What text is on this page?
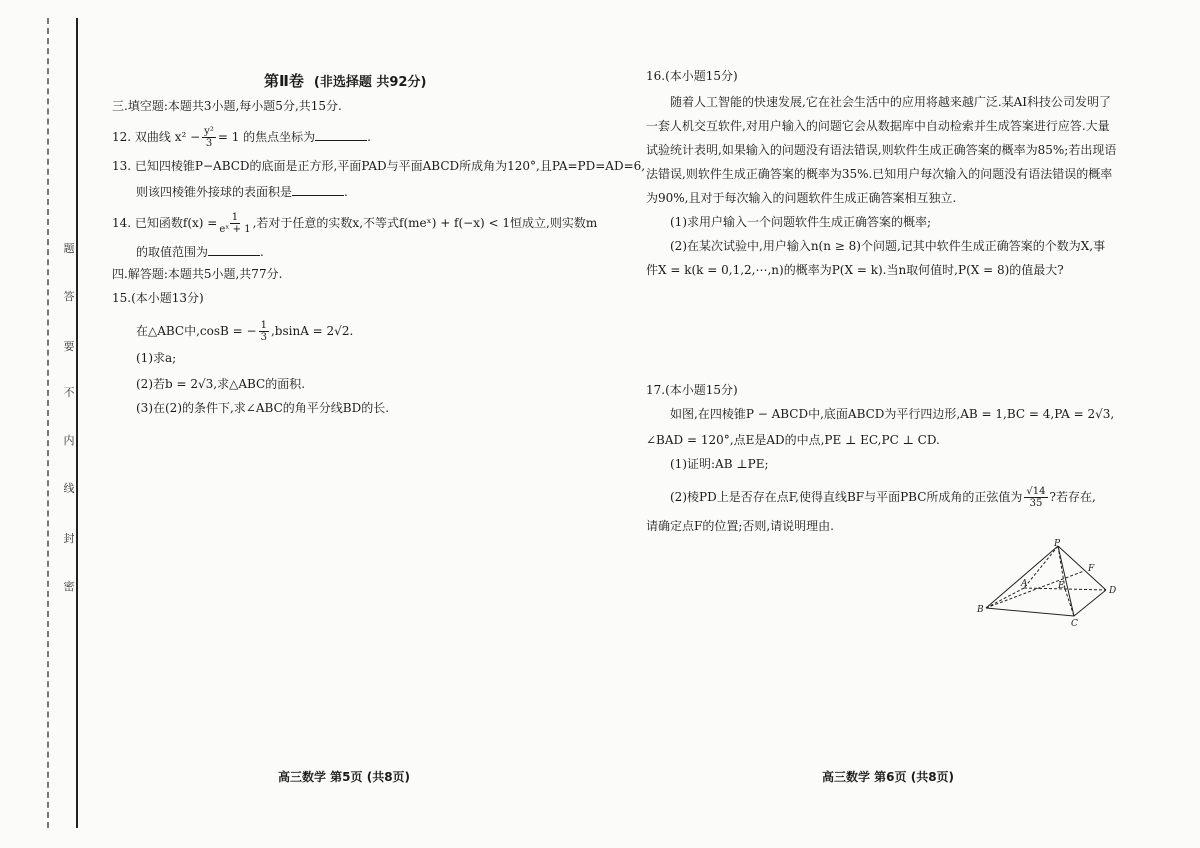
题
答
要
不
内
线
封
密
第Ⅱ卷 (非选择题 共92分)
三.填空题:本题共3小题,每小题5分,共15分.
12. 双曲线 $x^2 - \frac{\text{y²}}{3} = 1$ 的焦点坐标为	.
13. 已知四棱锥P−ABCD的底面是正方形,平面PAD与平面ABCD所成角为120°,且PA=PD=AD=6,
则该四棱锥外接球的表面积是	.
14. 已知函数$f(x) = \frac{1}{\text{eˣ + 1}}$ ,若对于任意的实数x,不等式f(meˣ) + f(−x) < 1恒成立,则实数m
的取值范围为	.
四.解答题:本题共5小题,共77分.
15.(本小题13分)
在△ABC中,cosB = − $\frac{1}{3} ,bsinA = 2√2$.
(1)求a;
(2)若b = 2√3,求△ABC的面积.
(3)在(2)的条件下,求∠ABC的角平分线BD的长.
高三数学 第5页 (共8页)
16.(本小题15分)
随着人工智能的快速发展,它在社会生活中的应用将越来越广泛.某AI科技公司发明了
一套人机交互软件,对用户输入的问题它会从数据库中自动检索并生成答案进行应答.大量
试验统计表明,如果输入的问题没有语法错误,则软件生成正确答案的概率为85%;若出现语
法错误,则软件生成正确答案的概率为35%.已知用户每次输入的问题没有语法错误的概率
为90%,且对于每次输入的问题软件生成正确答案相互独立.
(1)求用户输入一个问题软件生成正确答案的概率;
(2)在某次试验中,用户输入n(n ≥ 8)个问题,记其中软件生成正确答案的个数为X,事
件X = k(k = 0,1,2,⋯,n)的概率为P(X = k).当n取何值时,P(X = 8)的值最大?
17.(本小题15分)
如图,在四棱锥P − ABCD中,底面ABCD为平行四边形,AB = 1,BC = 4,PA = 2√3,
∠BAD = 120°,点E是AD的中点,PE ⊥ EC,PC ⊥ CD.
(1)证明:AB ⊥PE;
(2)棱PD上是否存在点F,使得直线BF与平面PBC所成角的正弦值为 $\frac{√14}{35}$ ?若存在,
请确定点F的位置;否则,请说明理由.
高三数学 第6页 (共8页)
P
F
A	E	D
B
C
